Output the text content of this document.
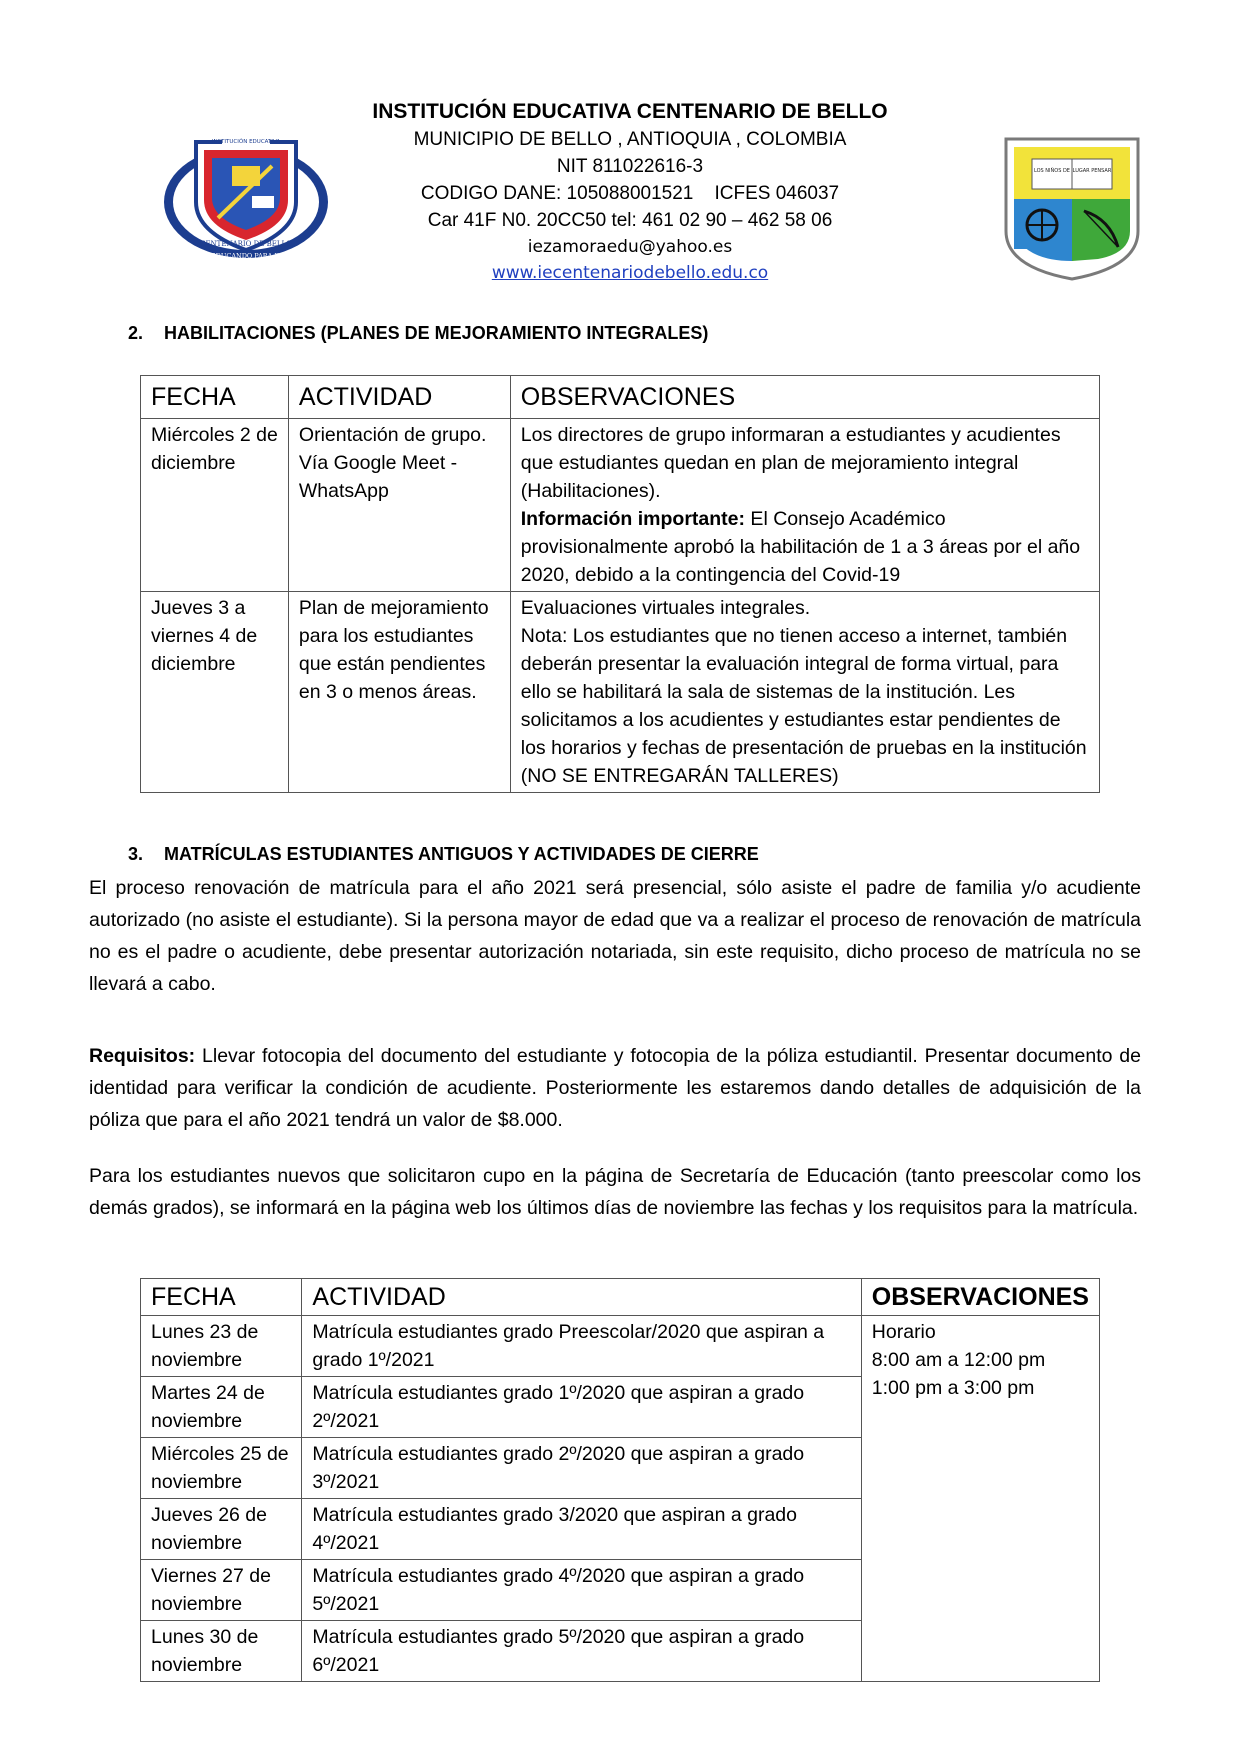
INSTITUCIÓN EDUCATIVA
CENTENARIO DE BELLO
SIEMPRE EDUCANDO PARA EL FUTURO
INSTITUCIÓN EDUCATIVA CENTENARIO DE BELLO
MUNICIPIO DE BELLO , ANTIOQUIA , COLOMBIA
NIT 811022616-3
CODIGO DANE: 105088001521    ICFES 046037
Car 41F N0. 20CC50 tel: 461 02 90 – 462 58 06
iezamoraedu@yahoo.es
www.iecentenariodebello.edu.co
LOS NIÑOS DE LUGAR PENSAR
2. HABILITACIONES (PLANES DE MEJORAMIENTO INTEGRALES)
FECHA	ACTIVIDAD	OBSERVACIONES
Miércoles 2 de diciembre	Orientación de grupo. Vía Google Meet - WhatsApp	Los directores de grupo informaran a estudiantes y acudientes que estudiantes quedan en plan de mejoramiento integral (Habilitaciones).
Información importante: El Consejo Académico provisionalmente aprobó la habilitación de 1 a 3 áreas por el año 2020, debido a la contingencia del Covid-19
Jueves 3 a viernes 4 de diciembre	Plan de mejoramiento para los estudiantes que están pendientes en 3 o menos áreas.	Evaluaciones virtuales integrales.
Nota: Los estudiantes que no tienen acceso a internet, también deberán presentar la evaluación integral de forma virtual, para ello se habilitará la sala de sistemas de la institución. Les solicitamos a los acudientes y estudiantes estar pendientes de los horarios y fechas de presentación de pruebas en la institución (NO SE ENTREGARÁN TALLERES)
3. MATRÍCULAS ESTUDIANTES ANTIGUOS Y ACTIVIDADES DE CIERRE

El proceso renovación de matrícula para el año 2021 será presencial, sólo asiste el padre de familia y/o acudiente autorizado (no asiste el estudiante). Si la persona mayor de edad que va a realizar el proceso de renovación de matrícula no es el padre o acudiente, debe presentar autorización notariada, sin este requisito, dicho proceso de matrícula no se llevará a cabo.

Requisitos: Llevar fotocopia del documento del estudiante y fotocopia de la póliza estudiantil. Presentar documento de identidad para verificar la condición de acudiente. Posteriormente les estaremos dando detalles de adquisición de la póliza que para el año 2021 tendrá un valor de $8.000.

Para los estudiantes nuevos que solicitaron cupo en la página de Secretaría de Educación (tanto preescolar como los demás grados), se informará en la página web los últimos días de noviembre las fechas y los requisitos para la matrícula.

FECHA	ACTIVIDAD	OBSERVACIONES
Lunes 23 de noviembre	Matrícula estudiantes grado Preescolar/2020 que aspiran a grado 1º/2021	Horario
8:00 am a 12:00 pm
1:00 pm a 3:00 pm

Martes 24 de noviembre	Matrícula estudiantes grado 1º/2020 que aspiran a grado 2º/2021	
Miércoles 25 de noviembre	Matrícula estudiantes grado 2º/2020 que aspiran a grado 3º/2021	
Jueves 26 de noviembre	Matrícula estudiantes grado 3/2020 que aspiran a grado 4º/2021	
Viernes 27 de noviembre	Matrícula estudiantes grado 4º/2020 que aspiran a grado 5º/2021	
Lunes 30 de noviembre	Matrícula estudiantes grado 5º/2020 que aspiran a grado 6º/2021	
